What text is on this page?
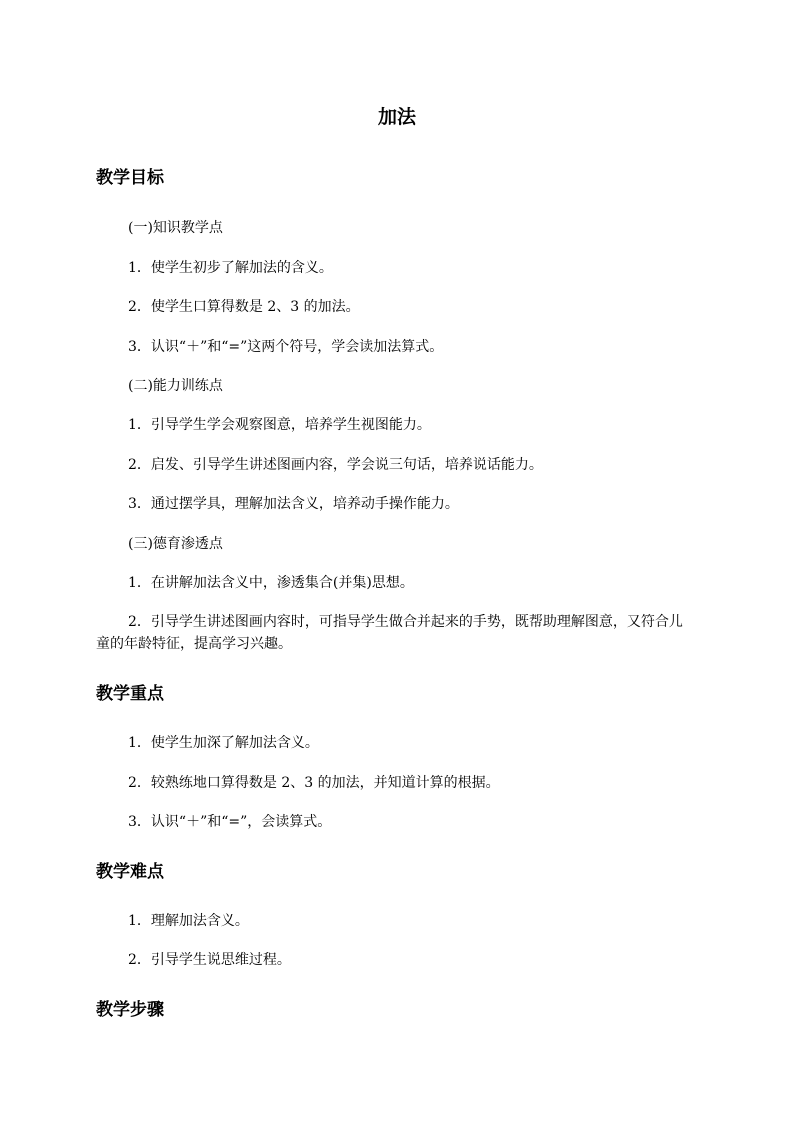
加法
教学目标
(一)知识教学点
1．使学生初步了解加法的含义。
2．使学生口算得数是 2、3 的加法。
3．认识“＋”和“=”这两个符号，学会读加法算式。
(二)能力训练点
1．引导学生学会观察图意，培养学生视图能力。
2．启发、引导学生讲述图画内容，学会说三句话，培养说话能力。
3．通过摆学具，理解加法含义，培养动手操作能力。
(三)德育渗透点
1．在讲解加法含义中，渗透集合(并集)思想。
2．引导学生讲述图画内容时，可指导学生做合并起来的手势，既帮助理解图意，又符合儿童的年龄特征，提高学习兴趣。
教学重点
1．使学生加深了解加法含义。
2．较熟练地口算得数是 2、3 的加法，并知道计算的根据。
3．认识“＋”和“=”，会读算式。
教学难点
1．理解加法含义。
2．引导学生说思维过程。
教学步骤
